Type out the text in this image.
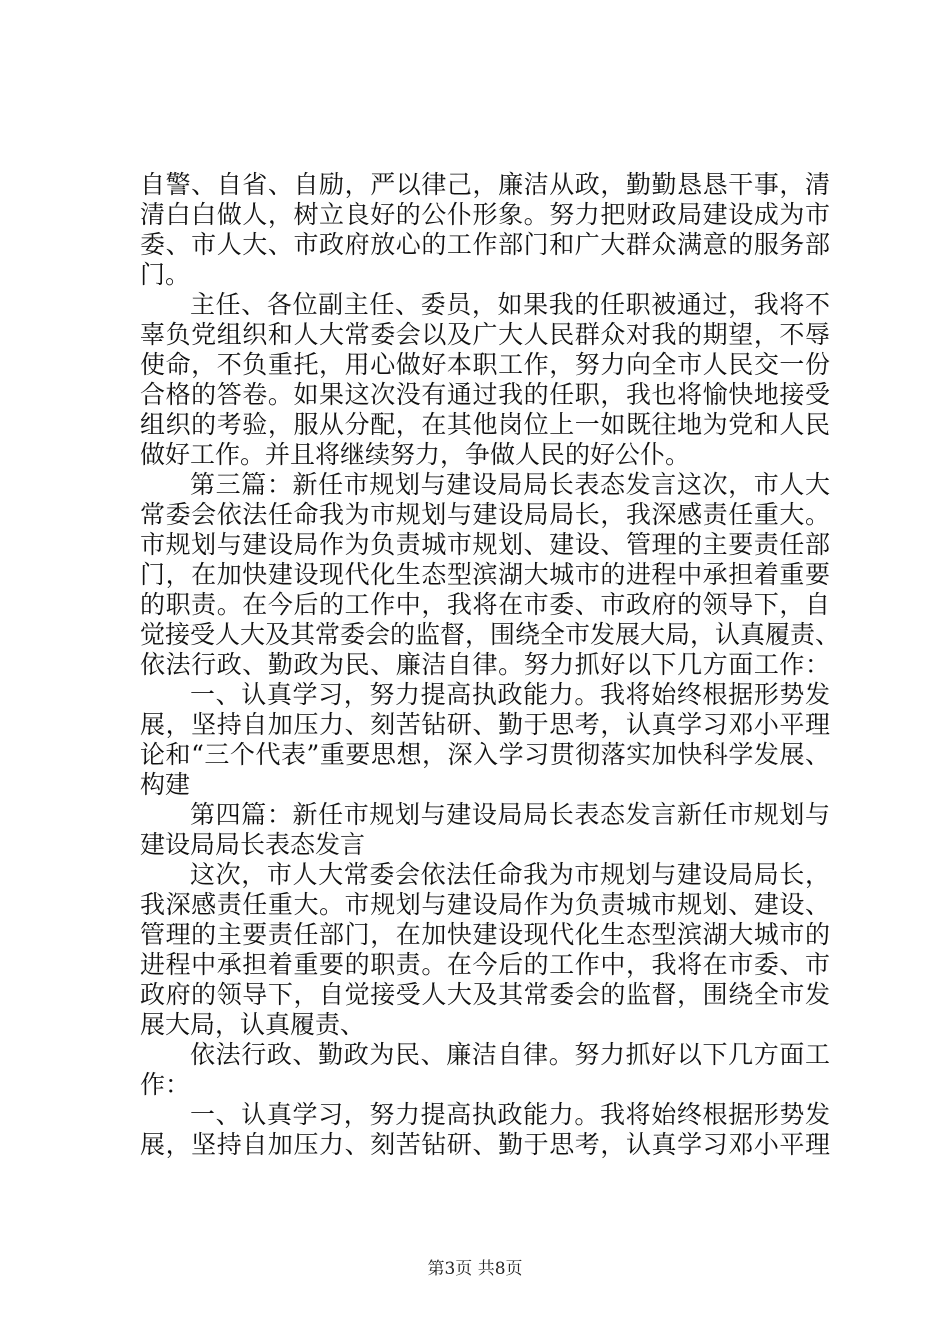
自警、自省、自励，严以律己，廉洁从政，勤勤恳恳干事，清
清白白做人，树立良好的公仆形象。努力把财政局建设成为市
委、市人大、市政府放心的工作部门和广大群众满意的服务部
门。
主任、各位副主任、委员，如果我的任职被通过，我将不
辜负党组织和人大常委会以及广大人民群众对我的期望，不辱
使命，不负重托，用心做好本职工作，努力向全市人民交一份
合格的答卷。如果这次没有通过我的任职，我也将愉快地接受
组织的考验，服从分配，在其他岗位上一如既往地为党和人民
做好工作。并且将继续努力，争做人民的好公仆。
第三篇：新任市规划与建设局局长表态发言这次，市人大
常委会依法任命我为市规划与建设局局长，我深感责任重大。
市规划与建设局作为负责城市规划、建设、管理的主要责任部
门，在加快建设现代化生态型滨湖大城市的进程中承担着重要
的职责。在今后的工作中，我将在市委、市政府的领导下，自
觉接受人大及其常委会的监督，围绕全市发展大局，认真履责、
依法行政、勤政为民、廉洁自律。努力抓好以下几方面工作：
一、认真学习，努力提高执政能力。我将始终根据形势发
展，坚持自加压力、刻苦钻研、勤于思考，认真学习邓小平理
论和“三个代表”重要思想，深入学习贯彻落实加快科学发展、
构建
第四篇：新任市规划与建设局局长表态发言新任市规划与
建设局局长表态发言
这次，市人大常委会依法任命我为市规划与建设局局长，
我深感责任重大。市规划与建设局作为负责城市规划、建设、
管理的主要责任部门，在加快建设现代化生态型滨湖大城市的
进程中承担着重要的职责。在今后的工作中，我将在市委、市
政府的领导下，自觉接受人大及其常委会的监督，围绕全市发
展大局，认真履责、
依法行政、勤政为民、廉洁自律。努力抓好以下几方面工
作：
一、认真学习，努力提高执政能力。我将始终根据形势发
展，坚持自加压力、刻苦钻研、勤于思考，认真学习邓小平理
第3页 共8页
